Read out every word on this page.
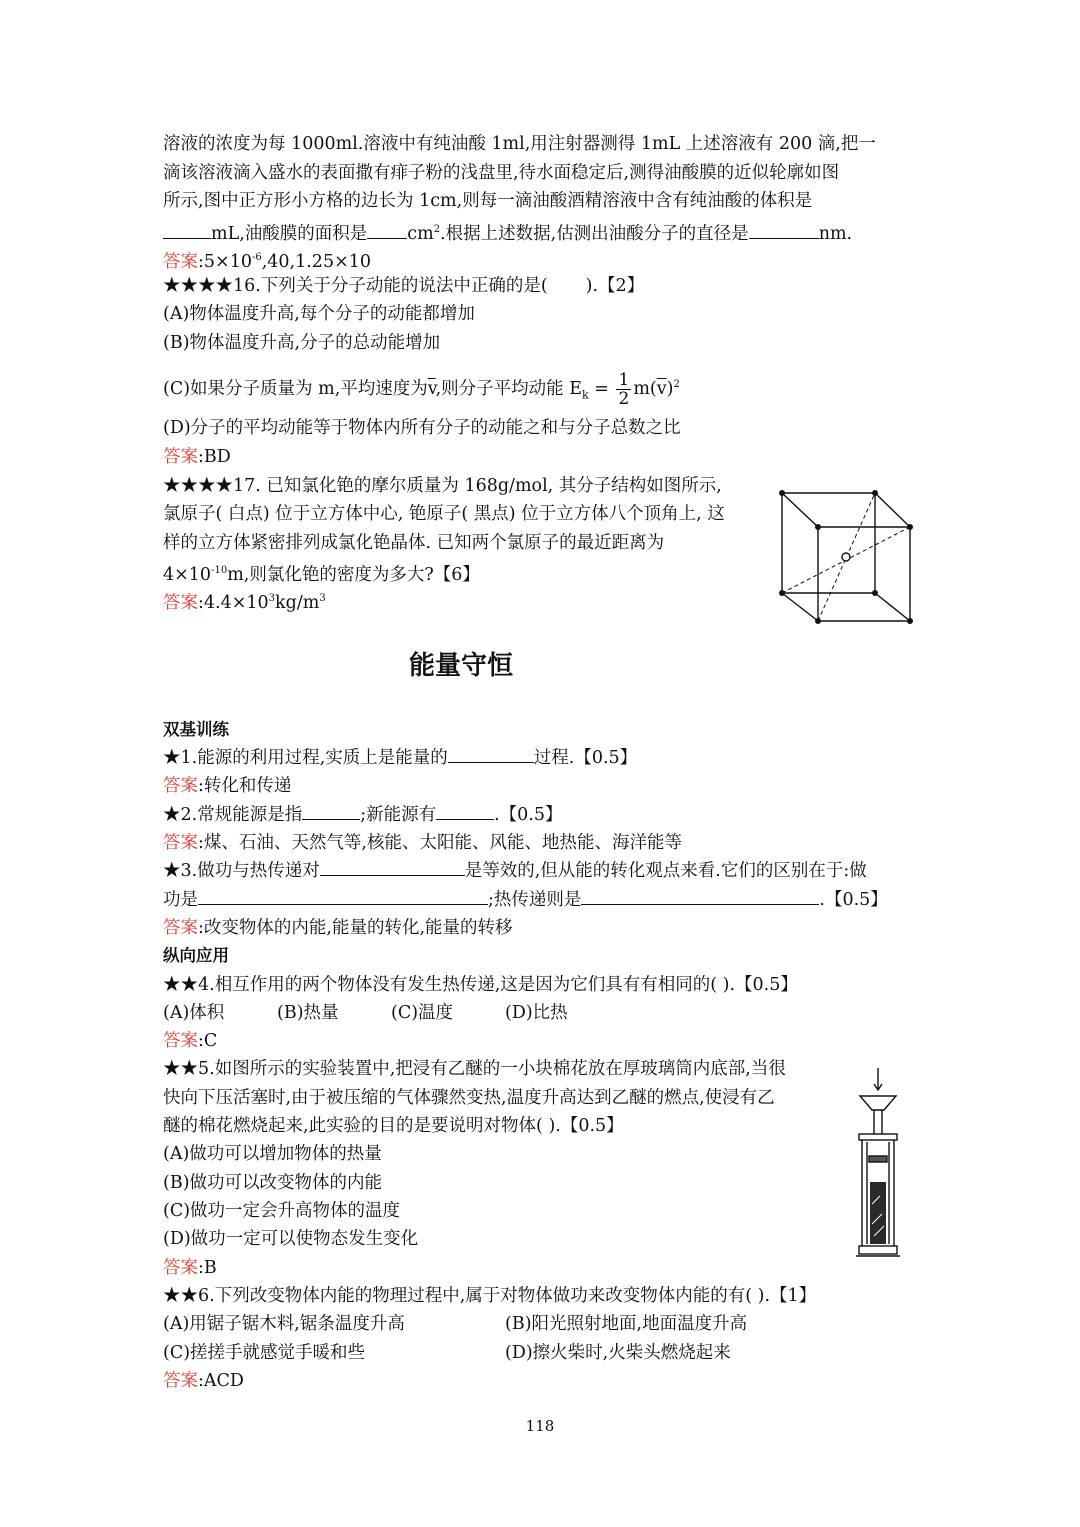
溶液的浓度为每 1000ml.溶液中有纯油酸 1ml,用注射器测得 1mL 上述溶液有 200 滴,把一

滴该溶液滴入盛水的表面撒有痱子粉的浅盘里,待水面稳定后,测得油酸膜的近似轮廓如图

所示,图中正方形小方格的边长为 1cm,则每一滴油酸酒精溶液中含有纯油酸的体积是

mL,油酸膜的面积是 $cm^2$.根据上述数据,估测出油酸分子的直径是	nm.

答案$:5\times 10^{-6},40,1.25\times 10$

★★★★16.下列关于分子动能的说法中正确的是( ).【2】

(A)物体温度升高,每个分子的动能都增加

(B)物体温度升高,分子的总动能增加

(C)如果分子质量为 m,平均速度为$\overline{v}$,则分子平均动能 $E_k = \frac{1}{2} m(\overline{v})^2$

(D)分子的平均动能等于物体内所有分子的动能之和与分子总数之比

答案:BD

★★★★17. 已知氯化铯的摩尔质量为 168g/mol, 其分子结构如图所示,

氯原子( 白点) 位于立方体中心, 铯原子( 黑点) 位于立方体八个顶角上, 这

样的立方体紧密排列成氯化铯晶体. 已知两个氯原子的最近距离为

$4\times 10^{-10}m$,则氯化铯的密度为多大?【6】

答案$:4.4\times 10^3kg/m^3$

能量守恒
双基训练

★1.能源的利用过程,实质上是能量的	过程.【0.5】

答案:转化和传递

★2.常规能源是指	;新能源有	.【0.5】

答案:煤、石油、天然气等,核能、太阳能、风能、地热能、海洋能等

★3.做功与热传递对	是等效的,但从能的转化观点来看.它们的区别在于:做

功是	;热传递则是	.【0.5】

答案:改变物体的内能,能量的转化,能量的转移

纵向应用

★★4.相互作用的两个物体没有发生热传递,这是因为它们具有有相同的( ).【0.5】

(A)体积	(B)热量	(C)温度	(D)比热

答案:C

★★5.如图所示的实验装置中,把浸有乙醚的一小块棉花放在厚玻璃筒内底部,当很

快向下压活塞时,由于被压缩的气体骤然变热,温度升高达到乙醚的燃点,使浸有乙

醚的棉花燃烧起来,此实验的目的是要说明对物体( ).【0.5】

(A)做功可以增加物体的热量

(B)做功可以改变物体的内能

(C)做功一定会升高物体的温度

(D)做功一定可以使物态发生变化

答案:B

★★6.下列改变物体内能的物理过程中,属于对物体做功来改变物体内能的有( ).【1】

(A)用锯子锯木料,锯条温度升高	(B)阳光照射地面,地面温度升高
(C)搓搓手就感觉手暖和些	(D)擦火柴时,火柴头燃烧起来

答案:ACD

118
